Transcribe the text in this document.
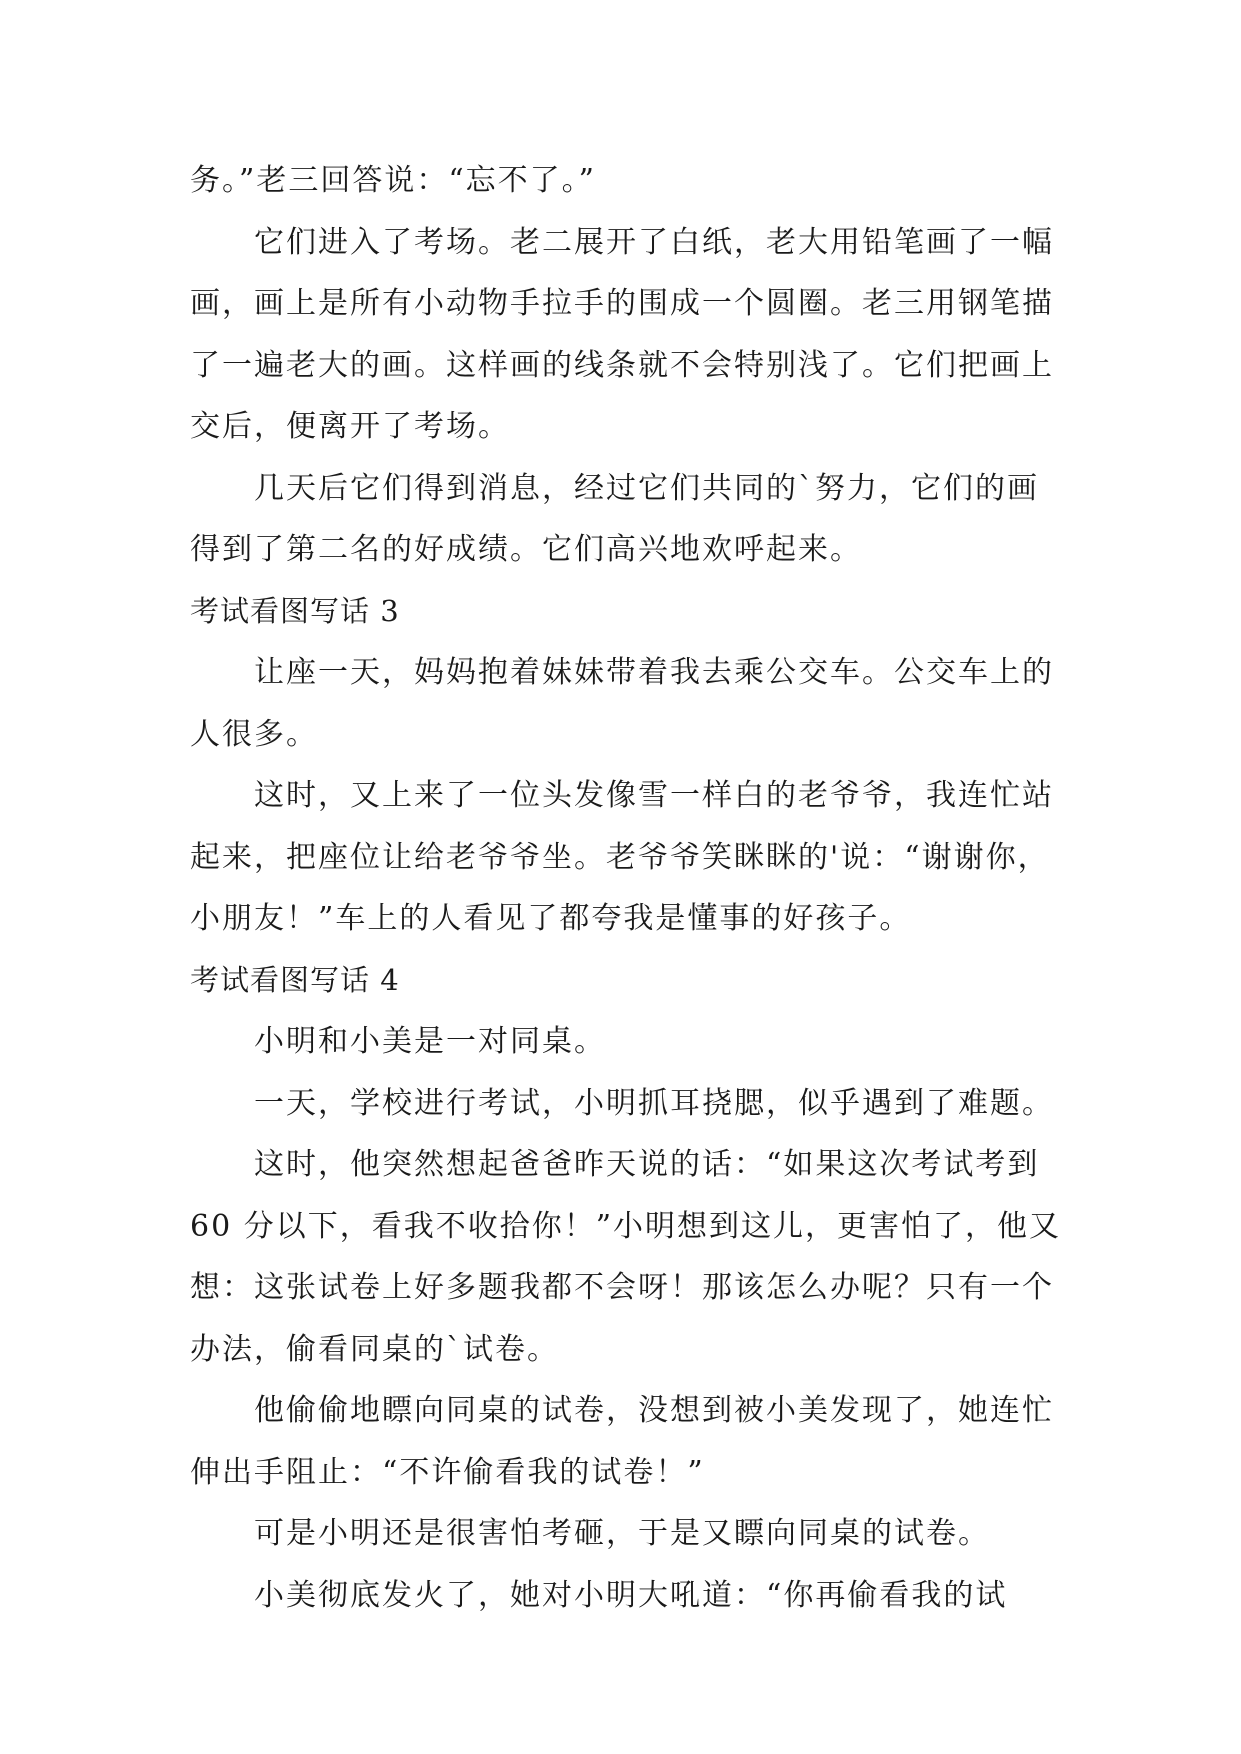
务。”老三回答说：“忘不了。”

它们进入了考场。老二展开了白纸，老大用铅笔画了一幅画，画上是所有小动物手拉手的围成一个圆圈。老三用钢笔描了一遍老大的画。这样画的线条就不会特别浅了。它们把画上交后，便离开了考场。

几天后它们得到消息，经过它们共同的`努力，它们的画得到了第二名的好成绩。它们高兴地欢呼起来。

考试看图写话 3

让座一天，妈妈抱着妹妹带着我去乘公交车。公交车上的人很多。

这时，又上来了一位头发像雪一样白的老爷爷，我连忙站起来，把座位让给老爷爷坐。老爷爷笑眯眯的'说：“谢谢你，小朋友！”车上的人看见了都夸我是懂事的好孩子。

考试看图写话 4

小明和小美是一对同桌。

一天，学校进行考试，小明抓耳挠腮，似乎遇到了难题。

这时，他突然想起爸爸昨天说的话：“如果这次考试考到 60 分以下，看我不收拾你！”小明想到这儿，更害怕了，他又想：这张试卷上好多题我都不会呀！那该怎么办呢？只有一个办法，偷看同桌的`试卷。

他偷偷地瞟向同桌的试卷，没想到被小美发现了，她连忙伸出手阻止：“不许偷看我的试卷！”

可是小明还是很害怕考砸，于是又瞟向同桌的试卷。

小美彻底发火了，她对小明大吼道：“你再偷看我的试
